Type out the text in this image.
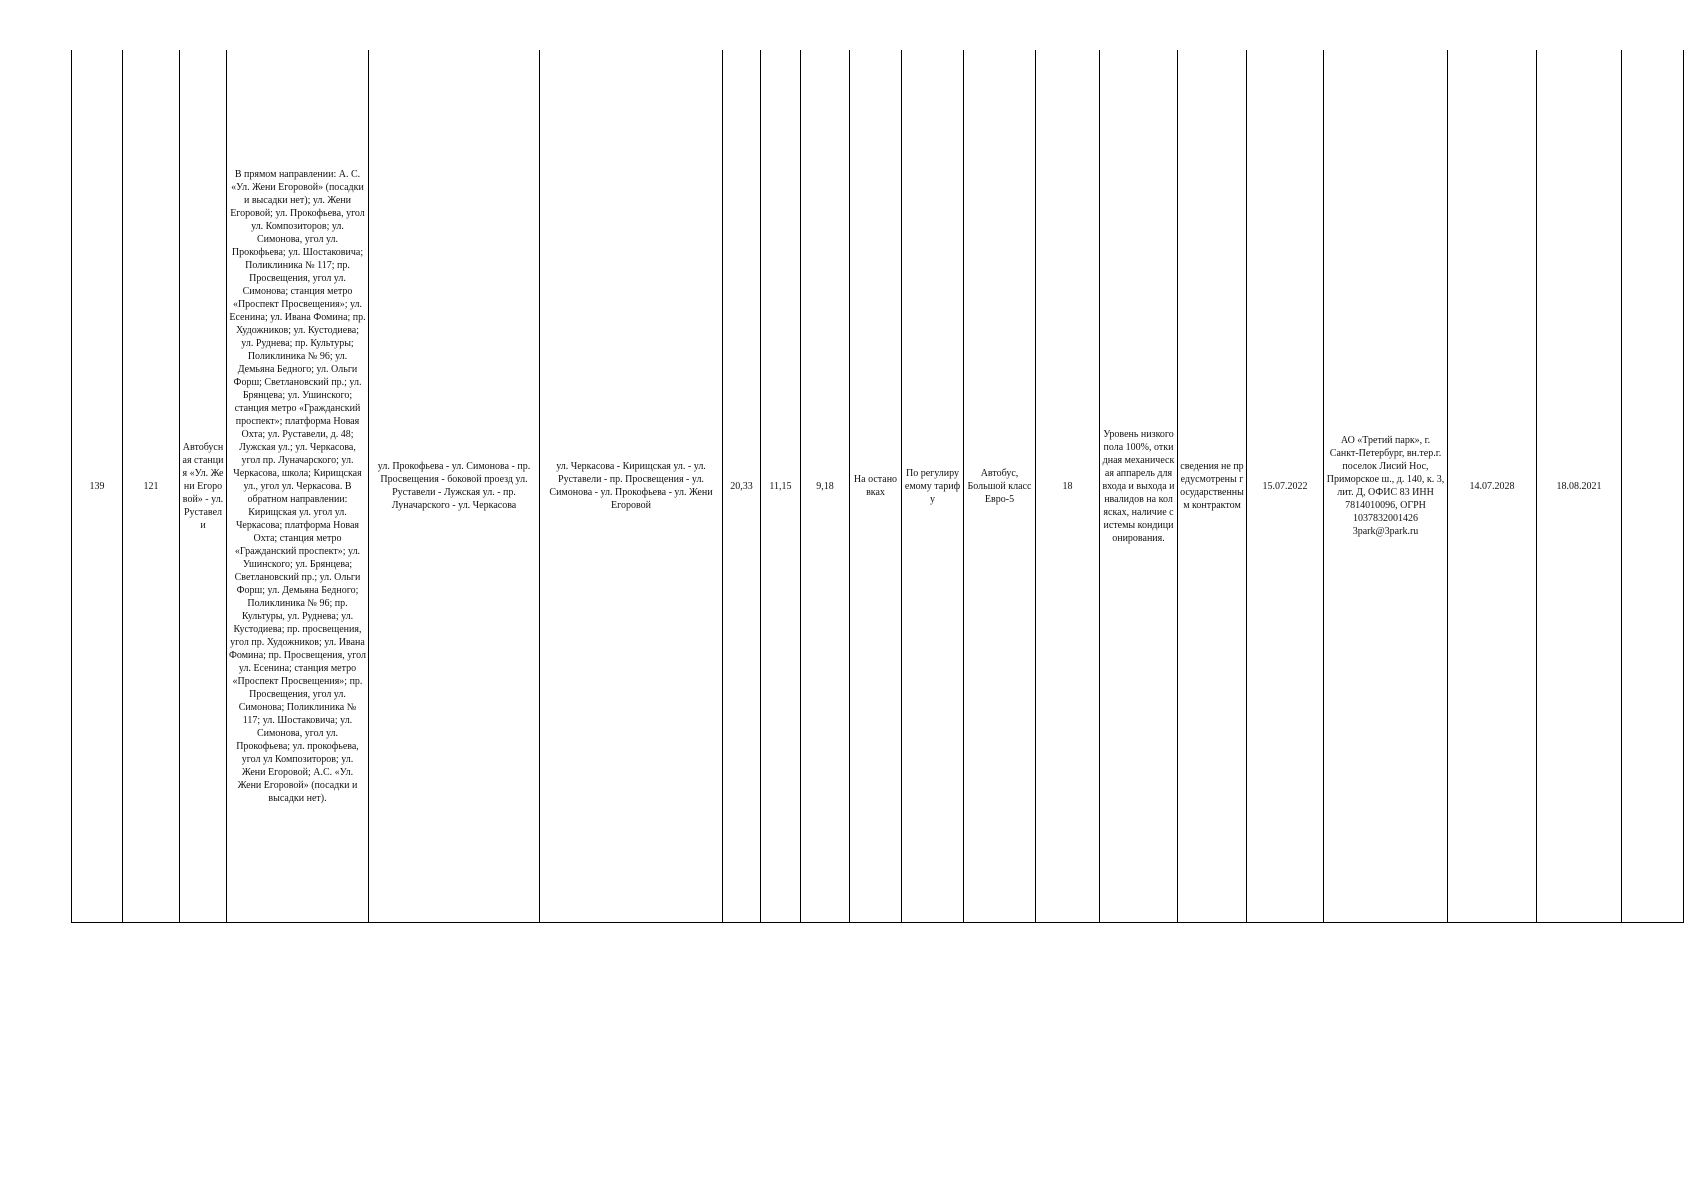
139	121	Автобусная станция «Ул. Жени Егоровой» - ул. Руставели	В прямом направлении: А. С. «Ул. Жени Егоровой» (посадки и высадки нет); ул. Жени Егоровой; ул. Прокофьева, угол ул. Композиторов; ул. Симонова, угол ул. Прокофьева; ул. Шостаковича; Поликлиника № 117; пр. Просвещения, угол ул. Симонова; станция метро «Проспект Просвещения»; ул. Есенина; ул. Ивана Фомина; пр. Художников; ул. Кустодиева; ул. Руднева; пр. Культуры; Поликлиника № 96; ул. Демьяна Бедного; ул. Ольги Форш; Светлановский пр.; ул. Брянцева; ул. Ушинского; станция метро «Гражданский проспект»; платформа Новая Охта; ул. Руставели, д. 48; Лужская ул.; ул. Черкасова, угол пр. Луначарского; ул. Черкасова, школа; Кирищская ул., угол ул. Черкасова. В обратном направлении: Кирищская ул. угол ул. Черкасова; платформа Новая Охта; станция метро «Гражданский проспект»; ул. Ушинского; ул. Брянцева; Светлановский пр.; ул. Ольги Форш; ул. Демьяна Бедного; Поликлиника № 96; пр. Культуры, ул. Руднева; ул. Кустодиева; пр. просвещения, угол пр. Художников; ул. Ивана Фомина; пр. Просвещения, угол ул. Есенина; станция метро «Проспект Просвещения»; пр. Просвещения, угол ул. Симонова; Поликлиника № 117; ул. Шостаковича; ул. Симонова, угол ул. Прокофьева; ул. прокофьева, угол ул Композиторов; ул. Жени Егоровой; А.С. «Ул. Жени Егоровой» (посадки и высадки нет).	ул. Прокофьева - ул. Симонова - пр. Просвещения - боковой проезд ул. Руставели - Лужская ул. - пр. Луначарского - ул. Черкасова	ул. Черкасова - Кирищская ул. - ул. Руставели - пр. Просвещения - ул. Симонова - ул. Прокофьева - ул. Жени Егоровой	20,33	11,15	9,18	На остановках	По регулируемому тарифу	Автобус, Большой класс Евро-5	18	Уровень низкого пола 100%, откидная механическая аппарель для входа и выхода инвалидов на колясках, наличие системы кондиционирования.	сведения не предусмотрены государственным контрактом	15.07.2022	АО «Третий парк», г. Санкт-Петербург, вн.тер.г. поселок Лисий Нос, Приморское ш., д. 140, к. 3, лит. Д, ОФИС 83 ИНН 7814010096, ОГРН 1037832001426 3park@3park.ru	14.07.2028	18.08.2021	
